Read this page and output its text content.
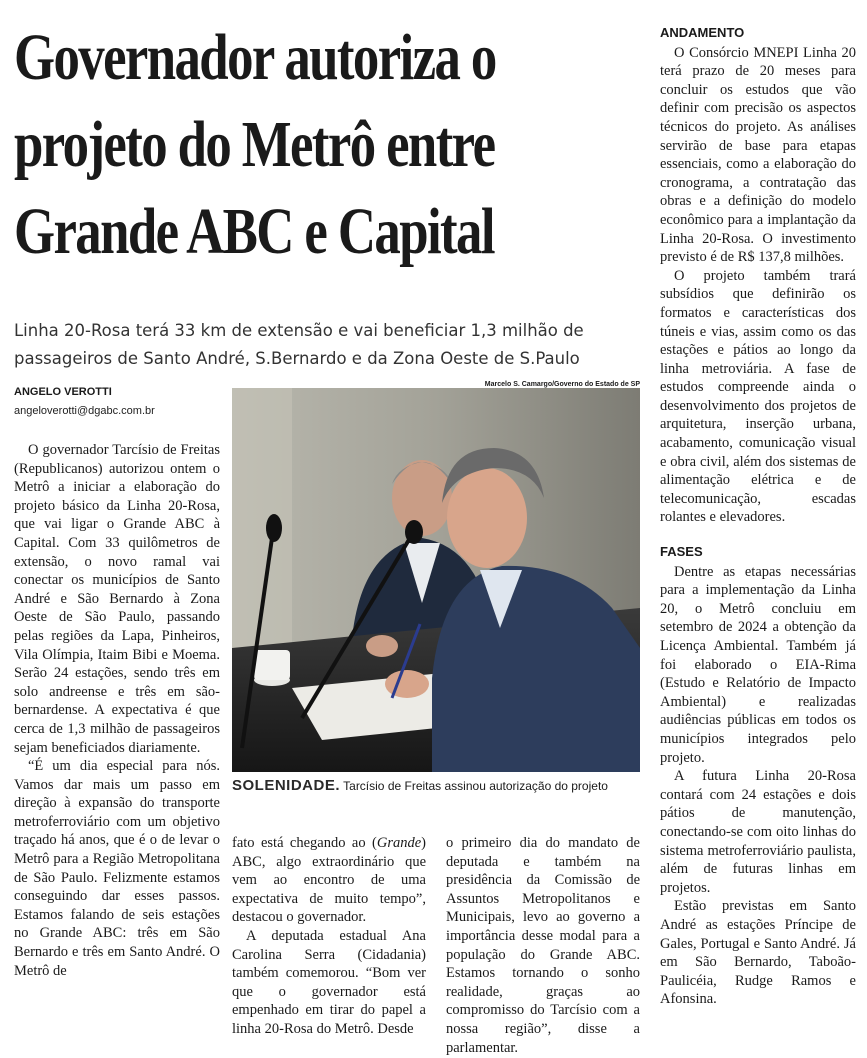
Governador autoriza o
projeto do Metrô entre
Grande ABC e Capital
Linha 20-Rosa terá 33 km de extensão e vai beneficiar 1,3 milhão de passageiros de Santo André, S.Bernardo e da Zona Oeste de S.Paulo
ANGELO VEROTTI
angeloverotti@dgabc.com.br
Marcelo S. Camargo/Governo do Estado de SP
SOLENIDADE. Tarcísio de Freitas assinou autorização do projeto

O governador Tarcísio de Freitas (Republicanos) autorizou ontem o Metrô a iniciar a elaboração do projeto básico da Linha 20-Rosa, que vai ligar o Grande ABC à Capital. Com 33 quilômetros de extensão, o novo ramal vai conectar os municípios de Santo André e São Bernardo à Zona Oeste de São Paulo, passando pelas regiões da Lapa, Pinheiros, Vila Olímpia, Itaim Bibi e Moema. Serão 24 estações, sendo três em solo andreense e três em são-bernardense. A expectativa é que cerca de 1,3 milhão de passageiros sejam beneficiados diariamente.

“É um dia especial para nós. Vamos dar mais um passo em direção à expansão do transporte metroferroviário com um objetivo traçado há anos, que é o de levar o Metrô para a Região Metropolitana de São Paulo. Felizmente estamos conseguindo dar esses passos. Estamos falando de seis estações no Grande ABC: três em São Bernardo e três em Santo André. O Metrô de

fato está chegando ao (Grande) ABC, algo extraordinário que vem ao encontro de uma expectativa de muito tempo”, destacou o governador.

A deputada estadual Ana Carolina Serra (Cidadania) também comemorou. “Bom ver que o governador está empenhado em tirar do papel a linha 20-Rosa do Metrô. Desde

o primeiro dia do mandato de deputada e também na presidência da Comissão de Assuntos Metropolitanos e Municipais, levo ao governo a importância desse modal para a população do Grande ABC. Estamos tornando o sonho realidade, graças ao compromisso do Tarcísio com a nossa região”, disse a parlamentar.

ANDAMENTO

O Consórcio MNEPI Linha 20 terá prazo de 20 meses para concluir os estudos que vão definir com precisão os aspectos técnicos do projeto. As análises servirão de base para etapas essenciais, como a elaboração do cronograma, a contratação das obras e a definição do modelo econômico para a implantação da Linha 20-Rosa. O investimento previsto é de R$ 137,8 milhões.

O projeto também trará subsídios que definirão os formatos e características dos túneis e vias, assim como os das estações e pátios ao longo da linha metroviária. A fase de estudos compreende ainda o desenvolvimento dos projetos de arquitetura, inserção urbana, acabamento, comunicação visual e obra civil, além dos sistemas de alimentação elétrica e de telecomunicação, escadas rolantes e elevadores.

FASES

Dentre as etapas necessárias para a implementação da Linha 20, o Metrô concluiu em setembro de 2024 a obtenção da Licença Ambiental. Também já foi elaborado o EIA-Rima (Estudo e Relatório de Impacto Ambiental) e realizadas audiências públicas em todos os municípios integrados pelo projeto.

A futura Linha 20-Rosa contará com 24 estações e dois pátios de manutenção, conectando-se com oito linhas do sistema metroferroviário paulista, além de futuras linhas em projetos.

Estão previstas em Santo André as estações Príncipe de Gales, Portugal e Santo André. Já em São Bernardo, Taboão-Paulicéia, Rudge Ramos e Afonsina.
